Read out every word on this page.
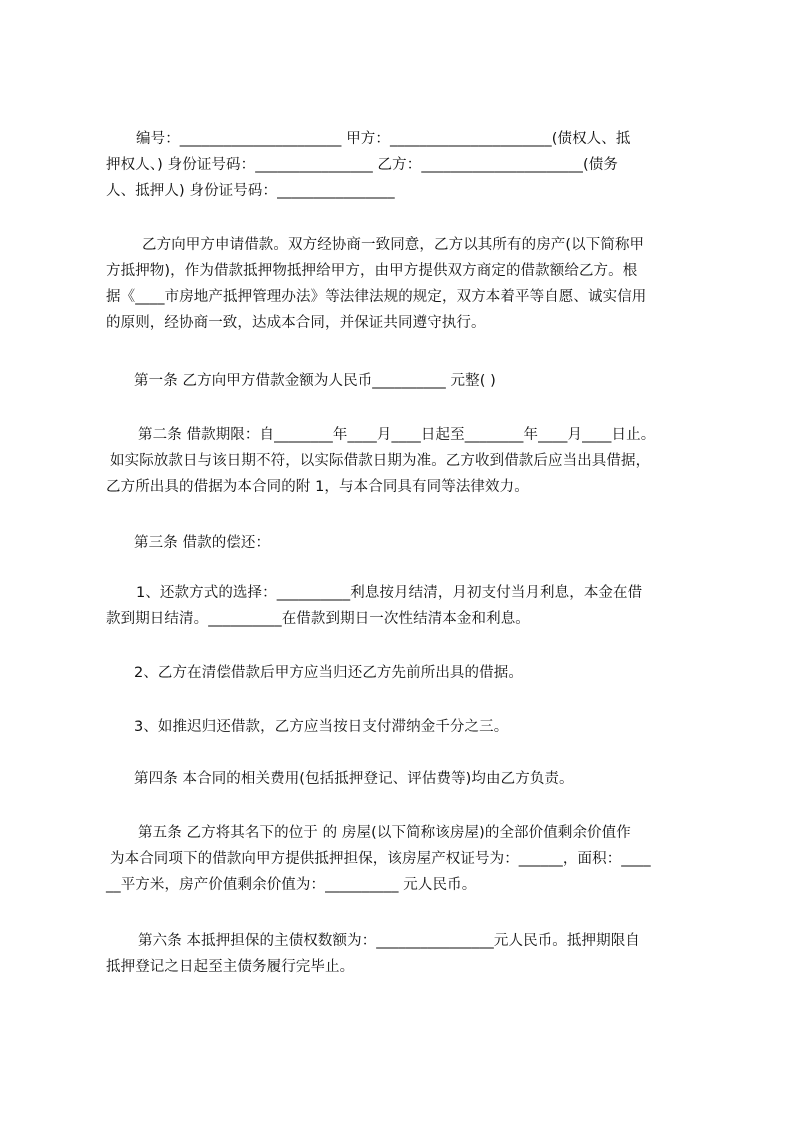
编号：______________________ 甲方：______________________(债权人、抵
押权人、) 身份证号码：________________ 乙方：______________________(债务
人、抵押人) 身份证号码：________________
乙方向甲方申请借款。双方经协商一致同意，乙方以其所有的房产(以下简称甲
方抵押物)，作为借款抵押物抵押给甲方，由甲方提供双方商定的借款额给乙方。根
据《____市房地产抵押管理办法》等法律法规的规定，双方本着平等自愿、诚实信用
的原则，经协商一致，达成本合同，并保证共同遵守执行。
第一条 乙方向甲方借款金额为人民币__________ 元整( )
第二条 借款期限：自________年____月____日起至________年____月____日止。
如实际放款日与该日期不符，以实际借款日期为准。乙方收到借款后应当出具借据，
乙方所出具的借据为本合同的附 1，与本合同具有同等法律效力。
第三条 借款的偿还：
1、还款方式的选择：__________利息按月结清，月初支付当月利息，本金在借
款到期日结清。__________在借款到期日一次性结清本金和利息。
2、乙方在清偿借款后甲方应当归还乙方先前所出具的借据。
3、如推迟归还借款，乙方应当按日支付滞纳金千分之三。
第四条 本合同的相关费用(包括抵押登记、评估费等)均由乙方负责。
第五条 乙方将其名下的位于 的 房屋(以下简称该房屋)的全部价值剩余价值作
为本合同项下的借款向甲方提供抵押担保，该房屋产权证号为：______，面积：____
__平方米，房产价值剩余价值为：__________ 元人民币。
第六条 本抵押担保的主债权数额为：________________元人民币。抵押期限自
抵押登记之日起至主债务履行完毕止。
